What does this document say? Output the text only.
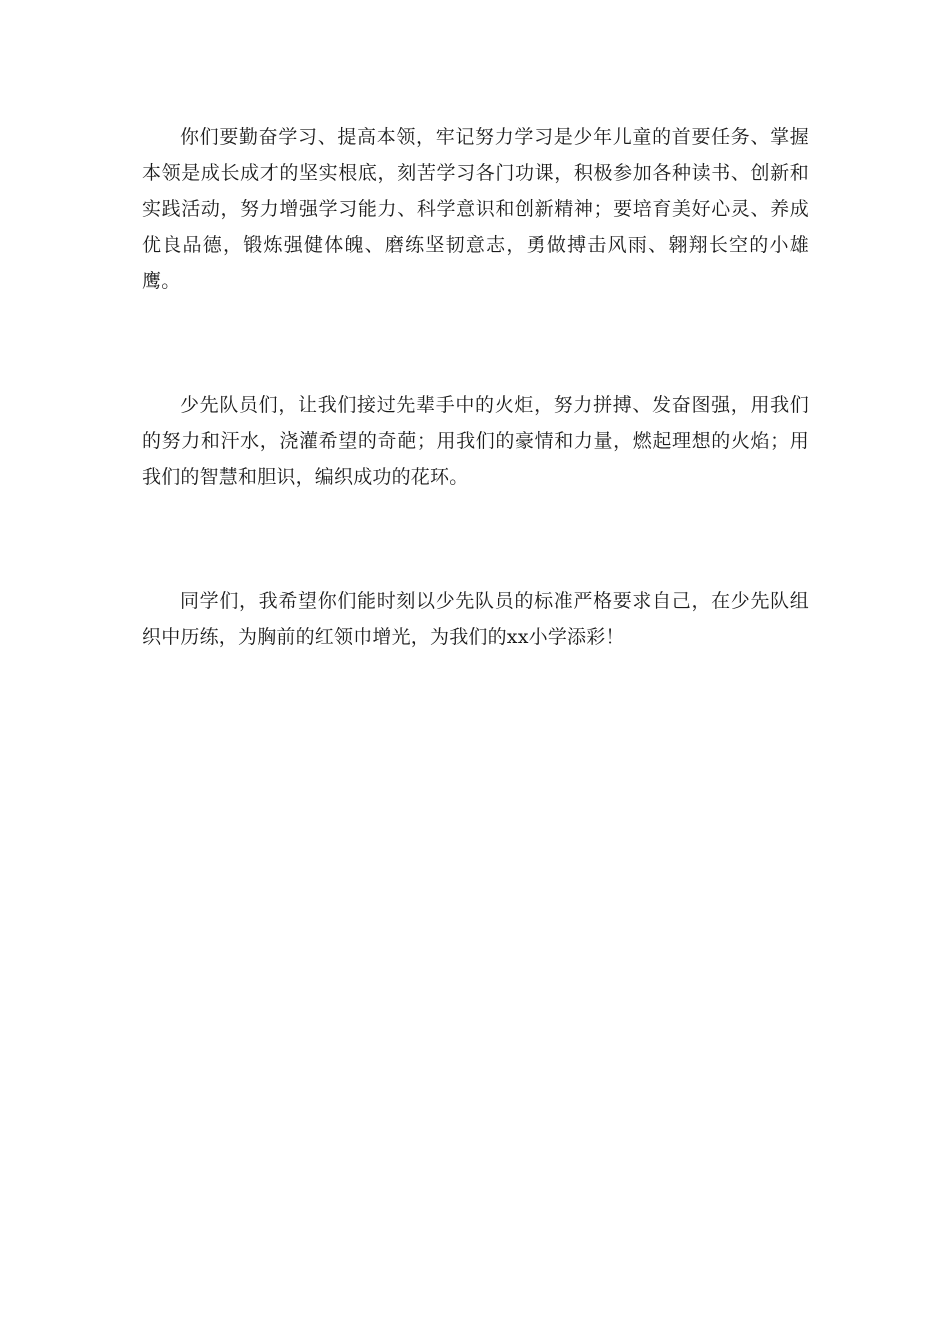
你们要勤奋学习、提高本领，牢记努力学习是少年儿童的首要任务、掌握本领是成长成才的坚实根底，刻苦学习各门功课，积极参加各种读书、创新和实践活动，努力增强学习能力、科学意识和创新精神；要培育美好心灵、养成优良品德，锻炼强健体魄、磨练坚韧意志，勇做搏击风雨、翱翔长空的小雄鹰。

少先队员们，让我们接过先辈手中的火炬，努力拼搏、发奋图强，用我们的努力和汗水，浇灌希望的奇葩；用我们的豪情和力量，燃起理想的火焰；用我们的智慧和胆识，编织成功的花环。

同学们，我希望你们能时刻以少先队员的标准严格要求自己，在少先队组织中历练，为胸前的红领巾增光，为我们的xx小学添彩！
